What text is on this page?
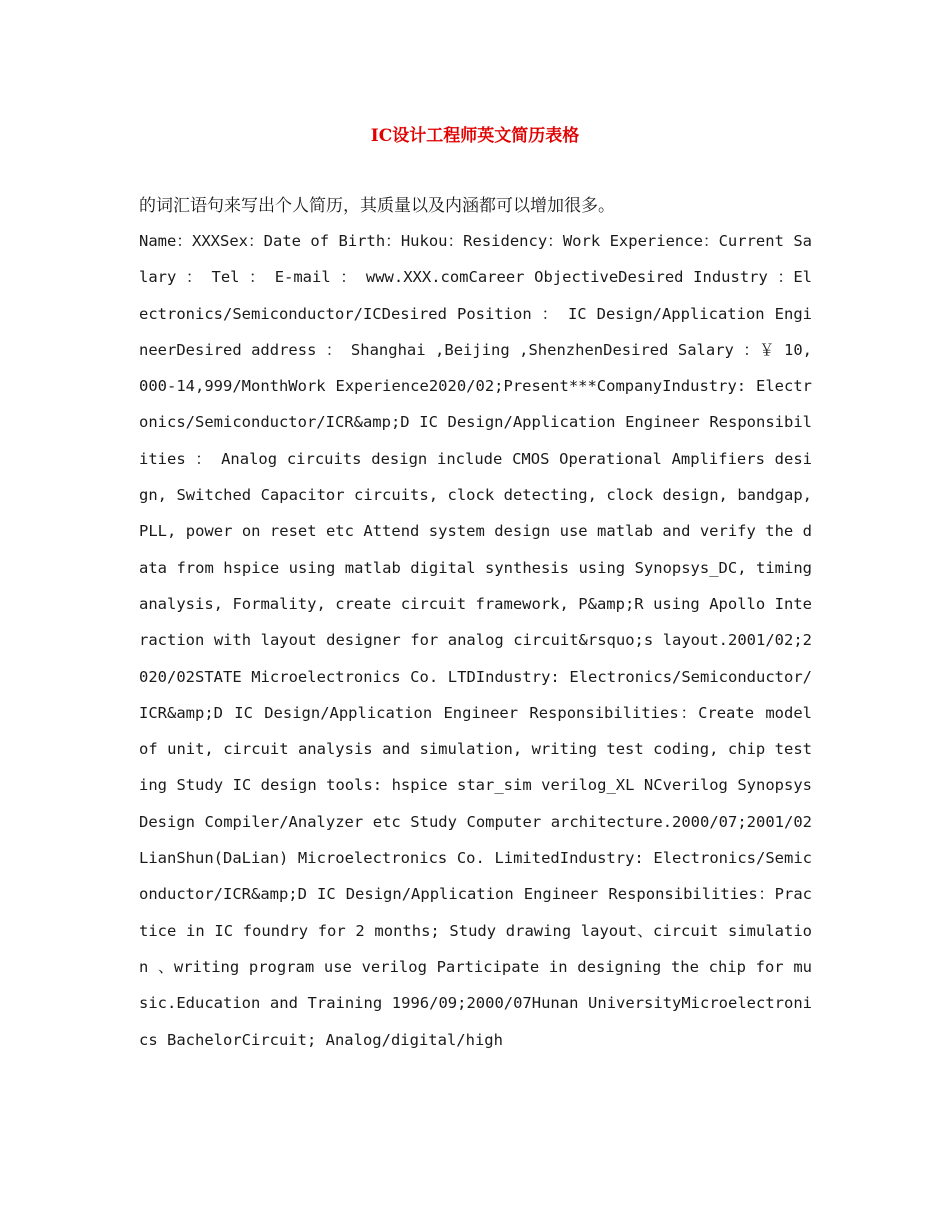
IC设计工程师英文简历表格
的词汇语句来写出个人简历，其质量以及内涵都可以增加很多。

Name：XXXSex：Date of Birth：Hukou：Residency：Work Experience：Current Salary ： Tel ： E-mail ： www.XXX.comCareer ObjectiveDesired Industry ：Electronics/Semiconductor/ICDesired Position ： IC Design/Application EngineerDesired address ： Shanghai ,Beijing ,ShenzhenDesired Salary ：￥ 10,000-14,999/MonthWork Experience2020/02;Present***CompanyIndustry: Electronics/Semiconductor/ICR&amp;D IC Design/Application Engineer Responsibilities ： Analog circuits design include CMOS Operational Amplifiers design, Switched Capacitor circuits, clock detecting, clock design, bandgap, PLL, power on reset etc Attend system design use matlab and verify the data from hspice using matlab digital synthesis using Synopsys_DC, timing analysis, Formality, create circuit framework, P&amp;R using Apollo Interaction with layout designer for analog circuit&rsquo;s layout.2001/02;2020/02STATE Microelectronics Co. LTDIndustry: Electronics/Semiconductor/ICR&amp;D IC Design/Application Engineer Responsibilities：Create model of unit, circuit analysis and simulation, writing test coding, chip testing Study IC design tools: hspice star_sim verilog_XL NCverilog Synopsys Design Compiler/Analyzer etc Study Computer architecture.2000/07;2001/02LianShun(DaLian) Microelectronics Co. LimitedIndustry: Electronics/Semiconductor/ICR&amp;D IC Design/Application Engineer Responsibilities：Practice in IC foundry for 2 months; Study drawing layout、circuit simulation 、writing program use verilog Participate in designing the chip for music.Education and Training 1996/09;2000/07Hunan UniversityMicroelectronics BachelorCircuit; Analog/digital/high
